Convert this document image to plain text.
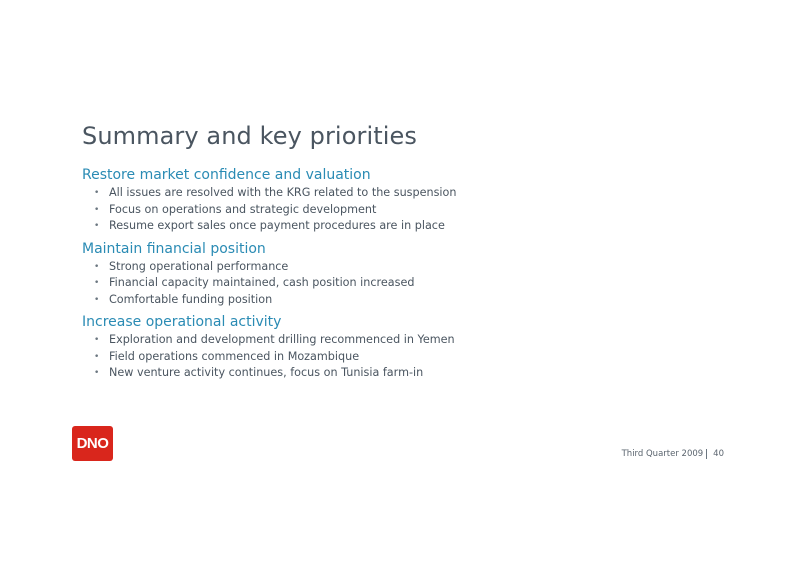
Summary and key priorities
Restore market confidence and valuation
• All issues are resolved with the KRG related to the suspension
• Focus on operations and strategic development
• Resume export sales once payment procedures are in place
Maintain financial position
• Strong operational performance
• Financial capacity maintained, cash position increased
• Comfortable funding position
Increase operational activity
• Exploration and development drilling recommenced in Yemen
• Field operations commenced in Mozambique
• New venture activity continues, focus on Tunisia farm-in
DNO
Third Quarter 2009 40
